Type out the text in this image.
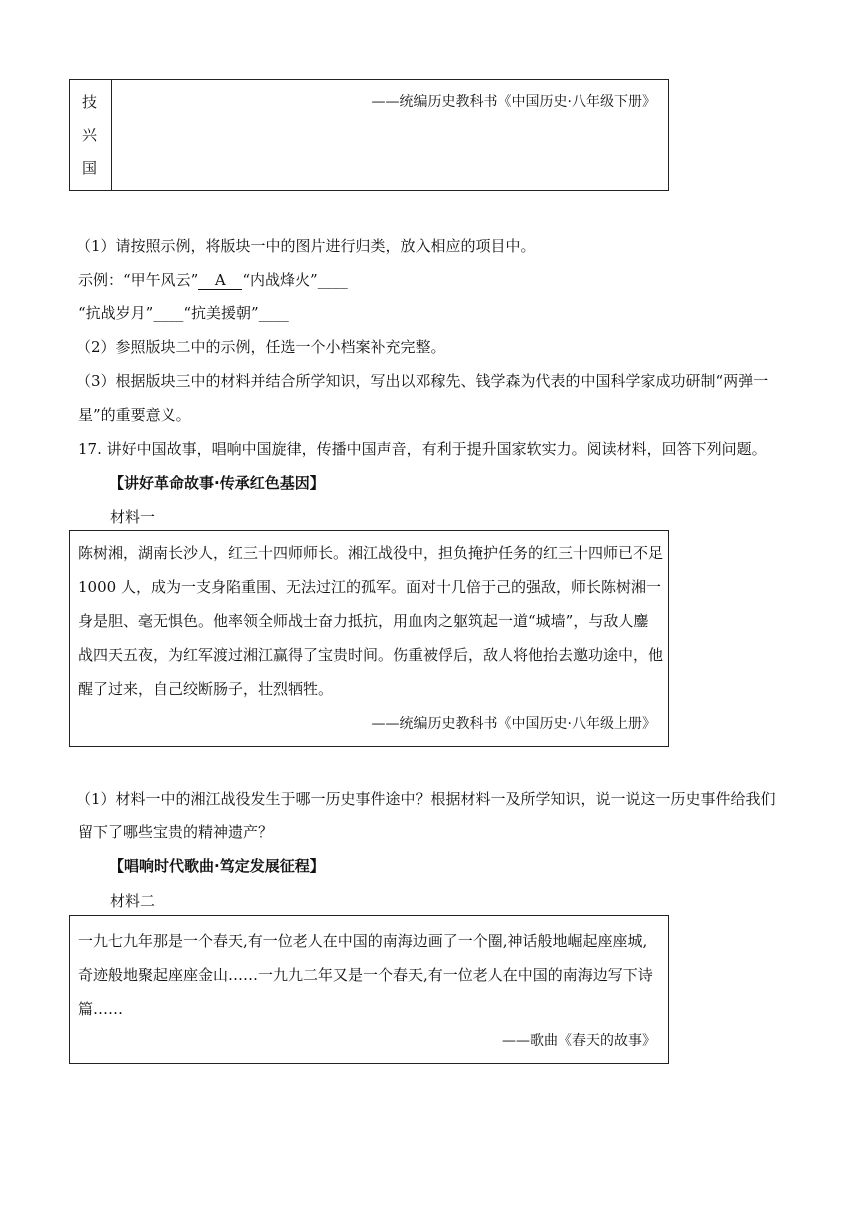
技
兴
国
——统编历史教科书《中国历史·八年级下册》
（1）请按照示例，将版块一中的图片进行归类，放入相应的项目中。
示例：“甲午风云” A “内战烽火”____
“抗战岁月”____“抗美援朝”____
（2）参照版块二中的示例，任选一个小档案补充完整。
（3）根据版块三中的材料并结合所学知识，写出以邓稼先、钱学森为代表的中国科学家成功研制“两弹一
星”的重要意义。
17. 讲好中国故事，唱响中国旋律，传播中国声音，有利于提升国家软实力。阅读材料，回答下列问题。
【讲好革命故事·传承红色基因】
材料一
陈树湘，湖南长沙人，红三十四师师长。湘江战役中，担负掩护任务的红三十四师已不足
1000 人，成为一支身陷重围、无法过江的孤军。面对十几倍于己的强敌，师长陈树湘一
身是胆、毫无惧色。他率领全师战士奋力抵抗，用血肉之躯筑起一道“城墙”，与敌人鏖
战四天五夜，为红军渡过湘江赢得了宝贵时间。伤重被俘后，敌人将他抬去邀功途中，他
醒了过来，自己绞断肠子，壮烈牺牲。
——统编历史教科书《中国历史·八年级上册》
（1）材料一中的湘江战役发生于哪一历史事件途中？根据材料一及所学知识，说一说这一历史事件给我们
留下了哪些宝贵的精神遗产？
【唱响时代歌曲·笃定发展征程】
材料二
一九七九年那是一个春天,有一位老人在中国的南海边画了一个圈,神话般地崛起座座城,
奇迹般地聚起座座金山……一九九二年又是一个春天,有一位老人在中国的南海边写下诗
篇……
——歌曲《春天的故事》
